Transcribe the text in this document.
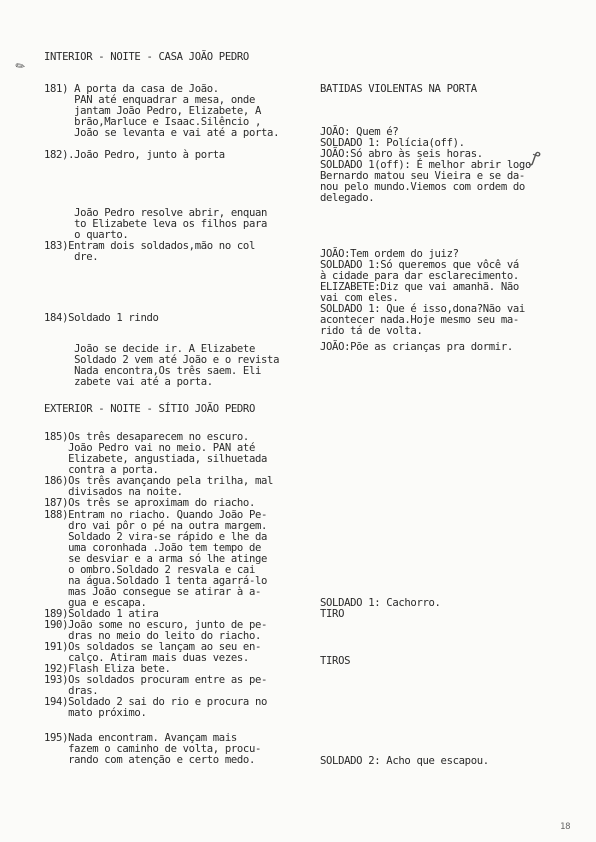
INTERIOR - NOITE - CASA JOÃO PEDRO
181) A porta da casa de João.
PAN até enquadrar a mesa, onde
jantam João Pedro, Elizabete, A
brão,Marluce e Isaac.Silêncio ,
João se levanta e vai até a porta.
182).João Pedro, junto à porta
João Pedro resolve abrir, enquan
to Elizabete leva os filhos para
o quarto.
183)Entram dois soldados,mão no col
dre.
184)Soldado 1 rindo
João se decide ir. A Elizabete
Soldado 2 vem até João e o revista
Nada encontra,Os três saem. Eli
zabete vai até a porta.
EXTERIOR - NOITE - SÍTIO JOÃO PEDRO
185)Os três desaparecem no escuro.
João Pedro vai no meio. PAN até
Elizabete, angustiada, silhuetada
contra a porta.
186)Os três avançando pela trilha, mal
divisados na noite.
187)Os três se aproximam do riacho.
188)Entram no riacho. Quando João Pe-
dro vai pôr o pé na outra margem.
Soldado 2 vira-se rápido e lhe da
uma coronhada .João tem tempo de
se desviar e a arma só lhe atinge
o ombro.Soldado 2 resvala e cai
na água.Soldado 1 tenta agarrá-lo
mas João consegue se atirar à a-
gua e escapa.
189)Soldado 1 atira
190)João some no escuro, junto de pe-
dras no meio do leito do riacho.
191)Os soldados se lançam ao seu en-
calço. Atiram mais duas vezes.
192)Flash Eliza bete.
193)Os soldados procuram entre as pe-
dras.
194)Soldado 2 sai do rio e procura no
mato próximo.
195)Nada encontram. Avançam mais
fazem o caminho de volta, procu-
rando com atenção e certo medo.
BATIDAS VIOLENTAS NA PORTA
JOÃO: Quem é?
SOLDADO 1: Polícia(off).
JOÃO:Só abro às seis horas.
SOLDADO 1(off): É melhor abrir logo
Bernardo matou seu Vieira e se da-
nou pelo mundo.Viemos com ordem do
delegado.
JOÃO:Tem ordem do juiz?
SOLDADO 1:Só queremos que vôcê vá
à cidade para dar esclarecimento.
ELIZABETE:Diz que vai amanhã. Não
vai com eles.
SOLDADO 1: Que é isso,dona?Não vai
acontecer nada.Hoje mesmo seu ma-
rido tá de volta.
JOÃO:Põe as crianças pra dormir.
SOLDADO 1: Cachorro.
TIRO
TIROS
SOLDADO 2: Acho que escapou.
18
✎
ꝭ
